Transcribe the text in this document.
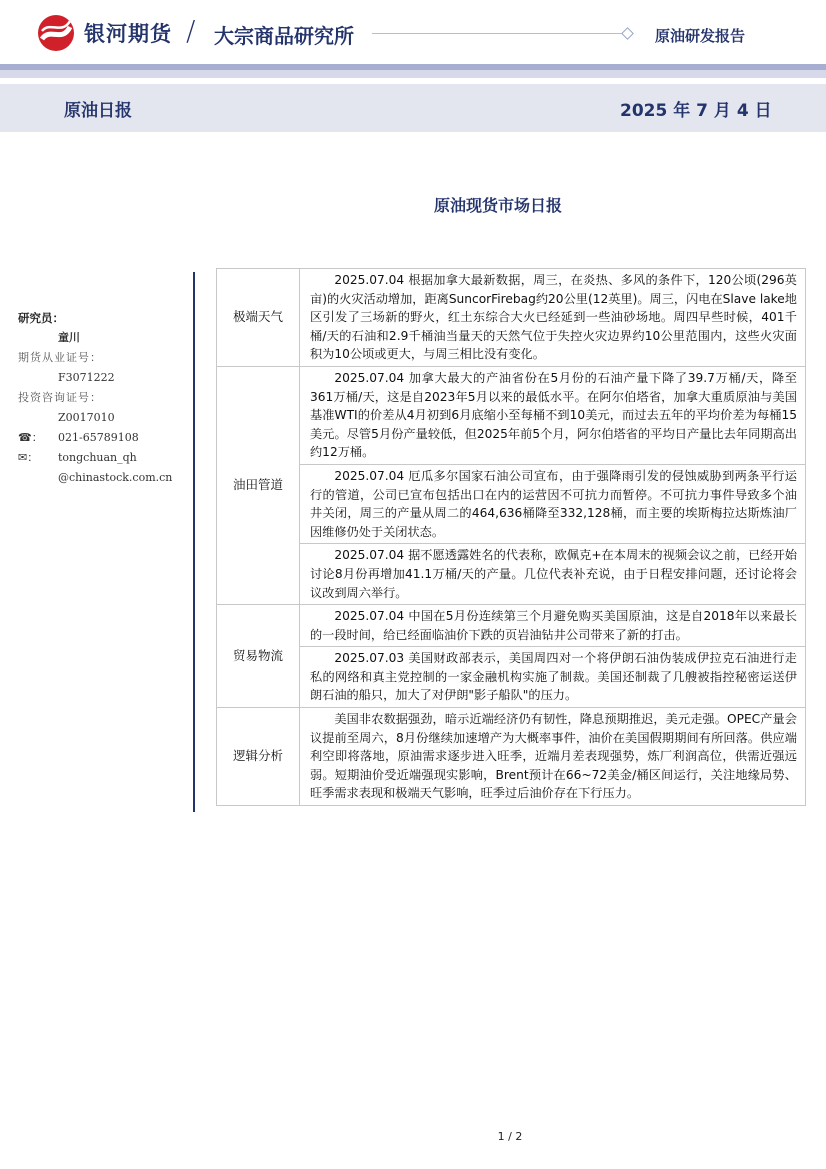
银河期货 / 大宗商品研究所	原油研发报告
原油日报	2025 年 7 月 4 日
原油现货市场日报
研究员：
童川
期货从业证号：
F3071222
投资咨询证号：
Z0017010
☎： 021-65789108
✉： tongchuan_qh
@chinastock.com.cn
极端天气	2025.07.04 根据加拿大最新数据，周三，在炎热、多风的条件下，120公顷(296英亩)的火灾活动增加，距离SuncorFirebag约20公里(12英里)。周三，闪电在Slave lake地区引发了三场新的野火，红土东综合大火已经延到一些油砂场地。周四早些时候，401千桶/天的石油和2.9千桶油当量天的天然气位于失控火灾边界约10公里范围内，这些火灾面积为10公顷或更大，与周三相比没有变化。

油田管道	2025.07.04 加拿大最大的产油省份在5月份的石油产量下降了39.7万桶/天，降至361万桶/天，这是自2023年5月以来的最低水平。在阿尔伯塔省，加拿大重质原油与美国基准WTI的价差从4月初到6月底缩小至每桶不到10美元，而过去五年的平均价差为每桶15美元。尽管5月份产量较低，但2025年前5个月，阿尔伯塔省的平均日产量比去年同期高出约12万桶。

	2025.07.04 厄瓜多尔国家石油公司宣布，由于强降雨引发的侵蚀威胁到两条平行运行的管道，公司已宣布包括出口在内的运营因不可抗力而暂停。不可抗力事件导致多个油井关闭，周三的产量从周二的464,636桶降至332,128桶，而主要的埃斯梅拉达斯炼油厂因维修仍处于关闭状态。

	2025.07.04 据不愿透露姓名的代表称，欧佩克+在本周末的视频会议之前，已经开始讨论8月份再增加41.1万桶/天的产量。几位代表补充说，由于日程安排问题，还讨论将会议改到周六举行。

贸易物流	2025.07.04 中国在5月份连续第三个月避免购买美国原油，这是自2018年以来最长的一段时间，给已经面临油价下跌的页岩油钻井公司带来了新的打击。

	2025.07.03 美国财政部表示，美国周四对一个将伊朗石油伪装成伊拉克石油进行走私的网络和真主党控制的一家金融机构实施了制裁。美国还制裁了几艘被指控秘密运送伊朗石油的船只，加大了对伊朗"影子船队"的压力。

逻辑分析	美国非农数据强劲，暗示近端经济仍有韧性，降息预期推迟，美元走强。OPEC产量会议提前至周六，8月份继续加速增产为大概率事件，油价在美国假期期间有所回落。供应端利空即将落地，原油需求逐步进入旺季，近端月差表现强势，炼厂利润高位，供需近强远弱。短期油价受近端强现实影响，Brent预计在66~72美金/桶区间运行，关注地缘局势、旺季需求表现和极端天气影响，旺季过后油价存在下行压力。

1 / 2
